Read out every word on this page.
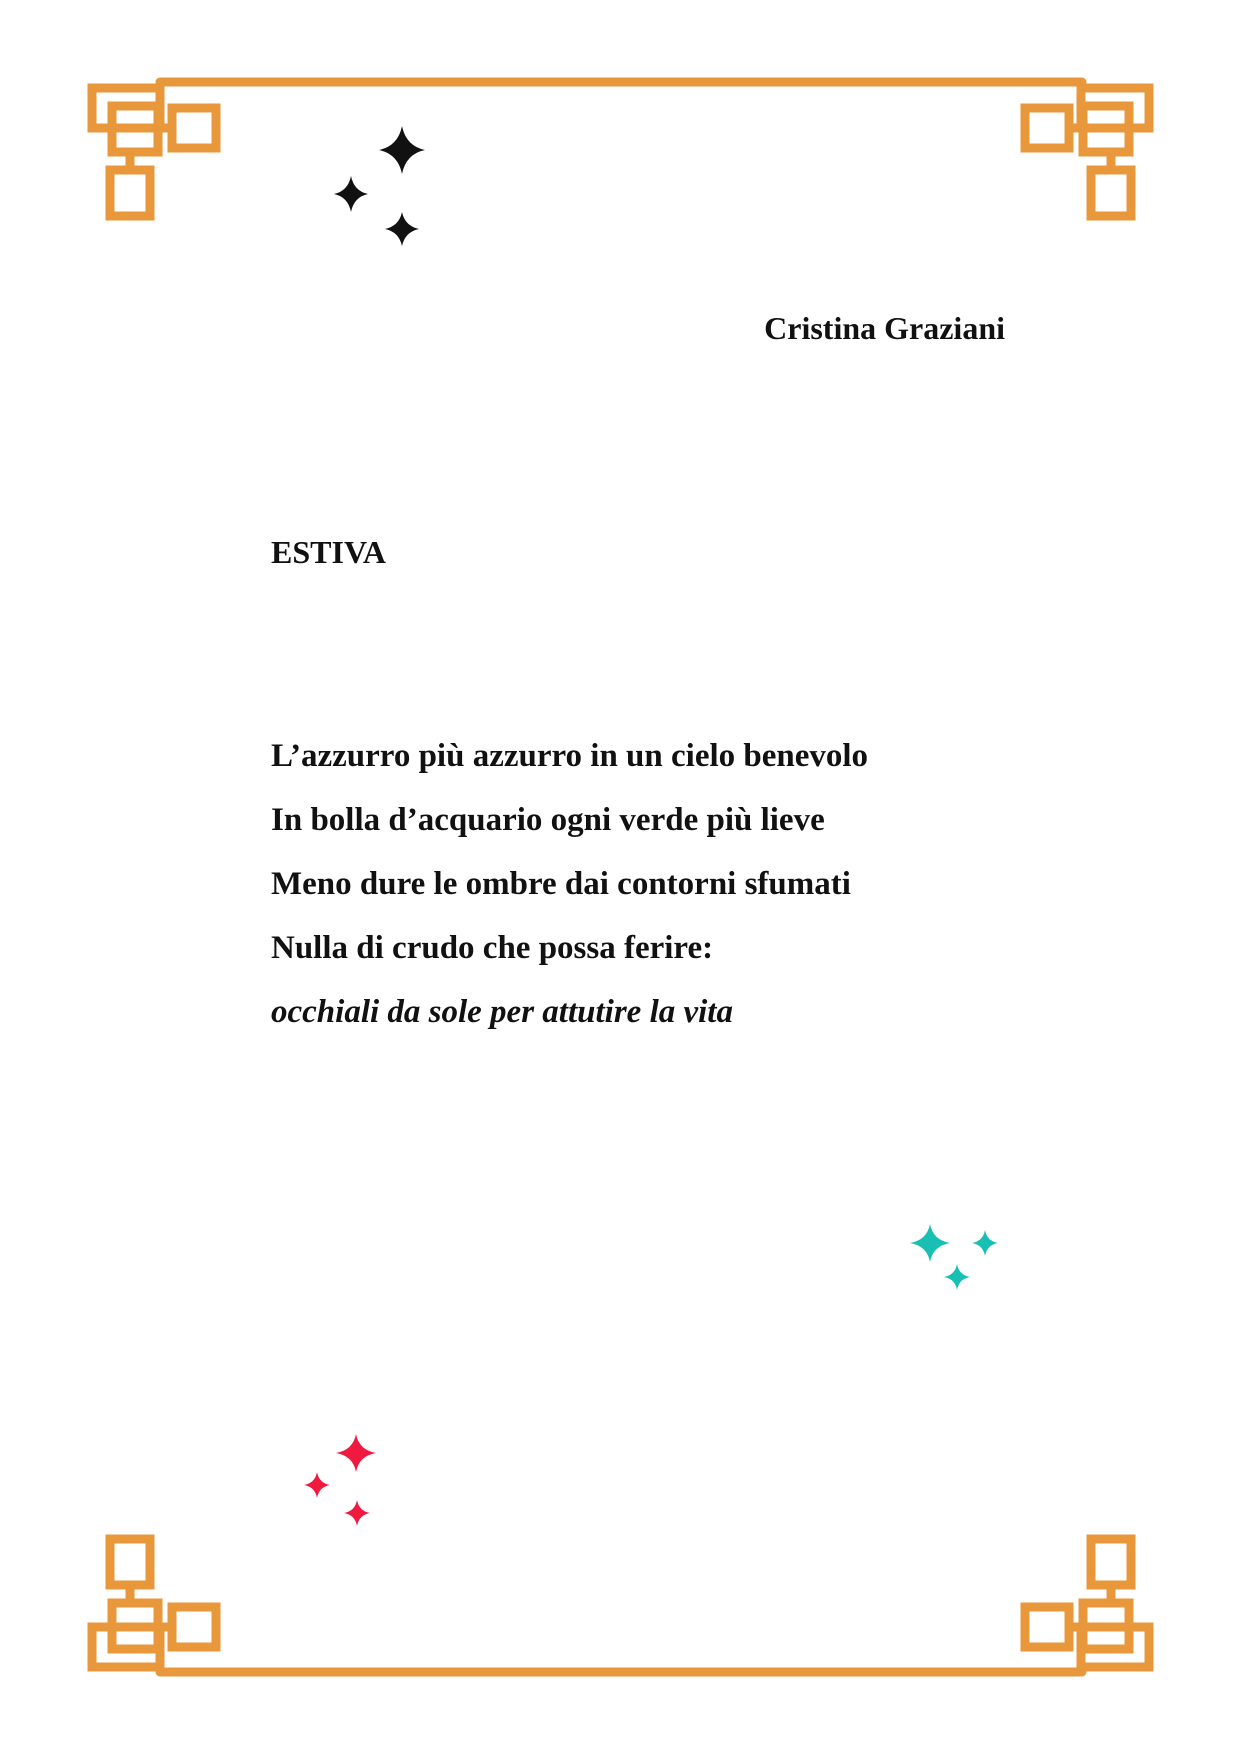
Cristina Graziani
ESTIVA
L’azzurro più azzurro in un cielo benevolo
In bolla d’acquario ogni verde più lieve
Meno dure le ombre dai contorni sfumati
Nulla di crudo che possa ferire:
occhiali da sole per attutire la vita
